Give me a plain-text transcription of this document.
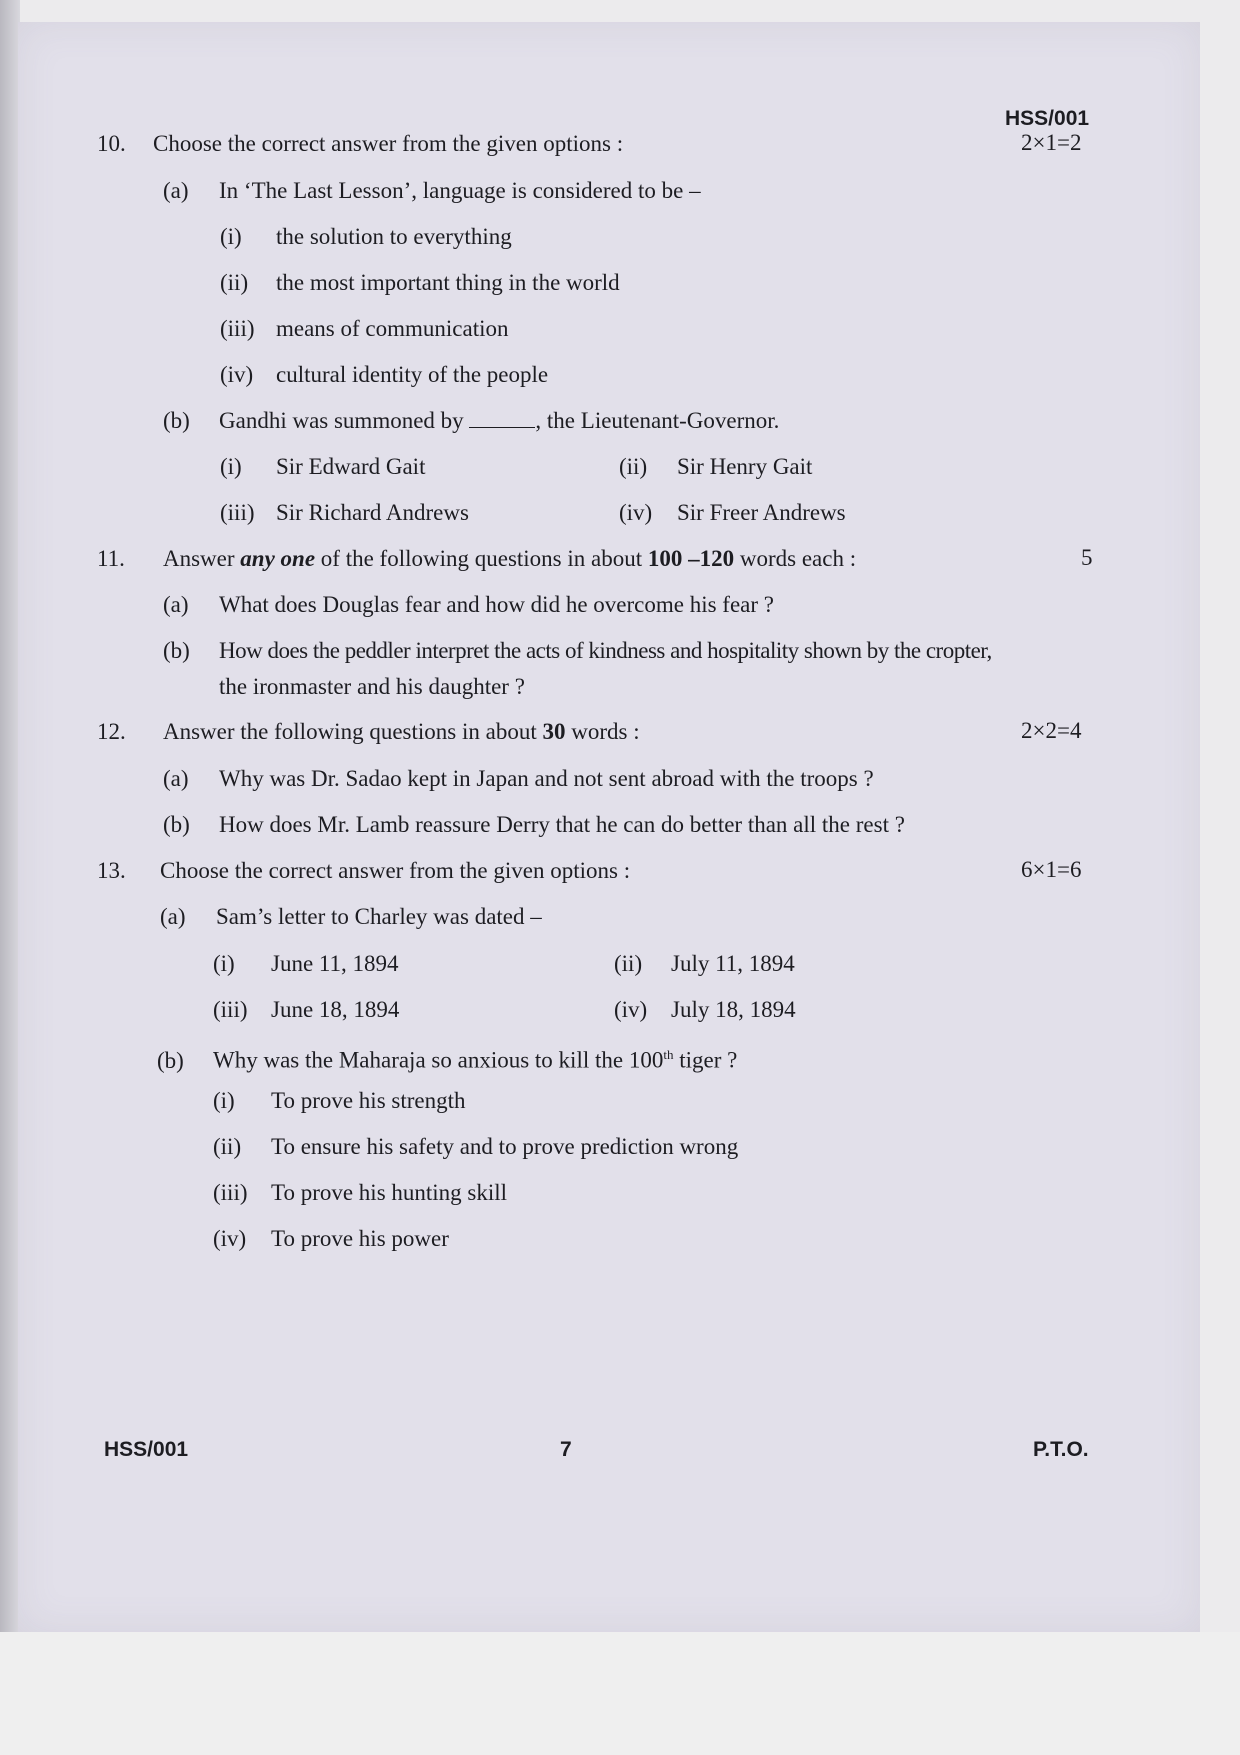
HSS/001
10. Choose the correct answer from the given options :	2×1=2
(a) In ‘The Last Lesson’, language is considered to be –
(i) the solution to everything
(ii) the most important thing in the world
(iii) means of communication
(iv) cultural identity of the people
(b) Gandhi was summoned by	, the Lieutenant-Governor.
(i) Sir Edward Gait	(ii) Sir Henry Gait
(iii) Sir Richard Andrews	(iv) Sir Freer Andrews
11. Answer any one of the following questions in about 100 –120 words each :	5
(a) What does Douglas fear and how did he overcome his fear ?
(b) How does the peddler interpret the acts of kindness and hospitality shown by the cropter,
the ironmaster and his daughter ?
12. Answer the following questions in about 30 words :	2×2=4
(a) Why was Dr. Sadao kept in Japan and not sent abroad with the troops ?
(b) How does Mr. Lamb reassure Derry that he can do better than all the rest ?
13. Choose the correct answer from the given options :	6×1=6
(a) Sam’s letter to Charley was dated –
(i) June 11, 1894	(ii) July 11, 1894
(iii) June 18, 1894	(iv) July 18, 1894
(b) Why was the Maharaja so anxious to kill the 100th tiger ?
(i) To prove his strength
(ii) To ensure his safety and to prove prediction wrong
(iii) To prove his hunting skill
(iv) To prove his power
HSS/001	7	P.T.O.
